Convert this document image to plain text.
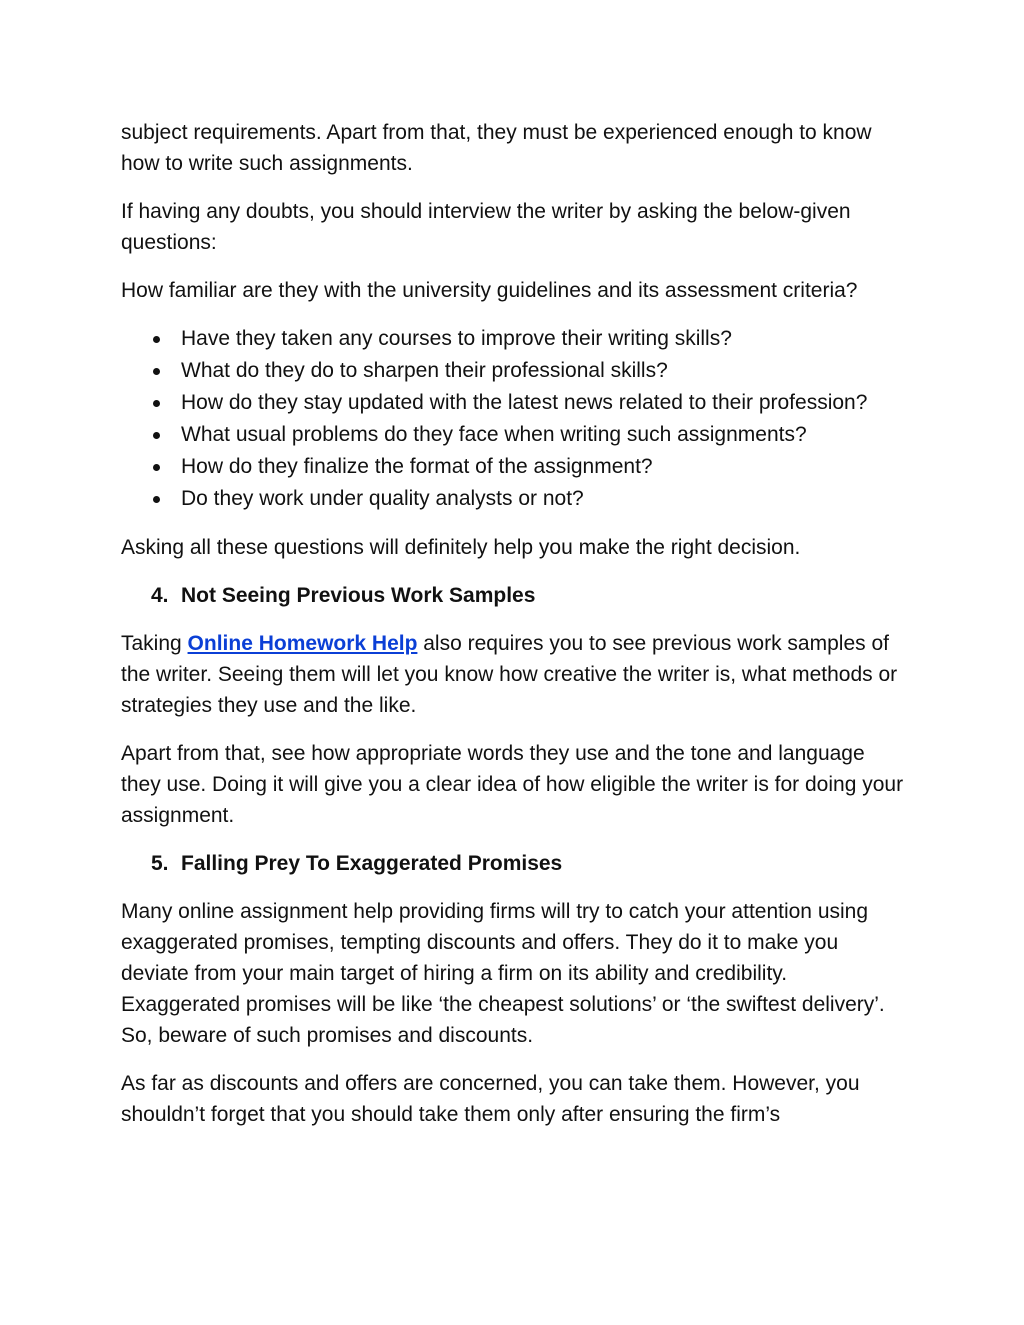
subject requirements. Apart from that, they must be experienced enough to know how to write such assignments.

If having any doubts, you should interview the writer by asking the below-given questions:

How familiar are they with the university guidelines and its assessment criteria?

Have they taken any courses to improve their writing skills?
What do they do to sharpen their professional skills?
How do they stay updated with the latest news related to their profession?
What usual problems do they face when writing such assignments?
How do they finalize the format of the assignment?
Do they work under quality analysts or not?

Asking all these questions will definitely help you make the right decision.

4. Not Seeing Previous Work Samples

Taking Online Homework Help also requires you to see previous work samples of the writer. Seeing them will let you know how creative the writer is, what methods or strategies they use and the like.

Apart from that, see how appropriate words they use and the tone and language they use. Doing it will give you a clear idea of how eligible the writer is for doing your assignment.

5. Falling Prey To Exaggerated Promises

Many online assignment help providing firms will try to catch your attention using exaggerated promises, tempting discounts and offers. They do it to make you deviate from your main target of hiring a firm on its ability and credibility. Exaggerated promises will be like ‘the cheapest solutions’ or ‘the swiftest delivery’. So, beware of such promises and discounts.

As far as discounts and offers are concerned, you can take them. However, you shouldn’t forget that you should take them only after ensuring the firm’s
